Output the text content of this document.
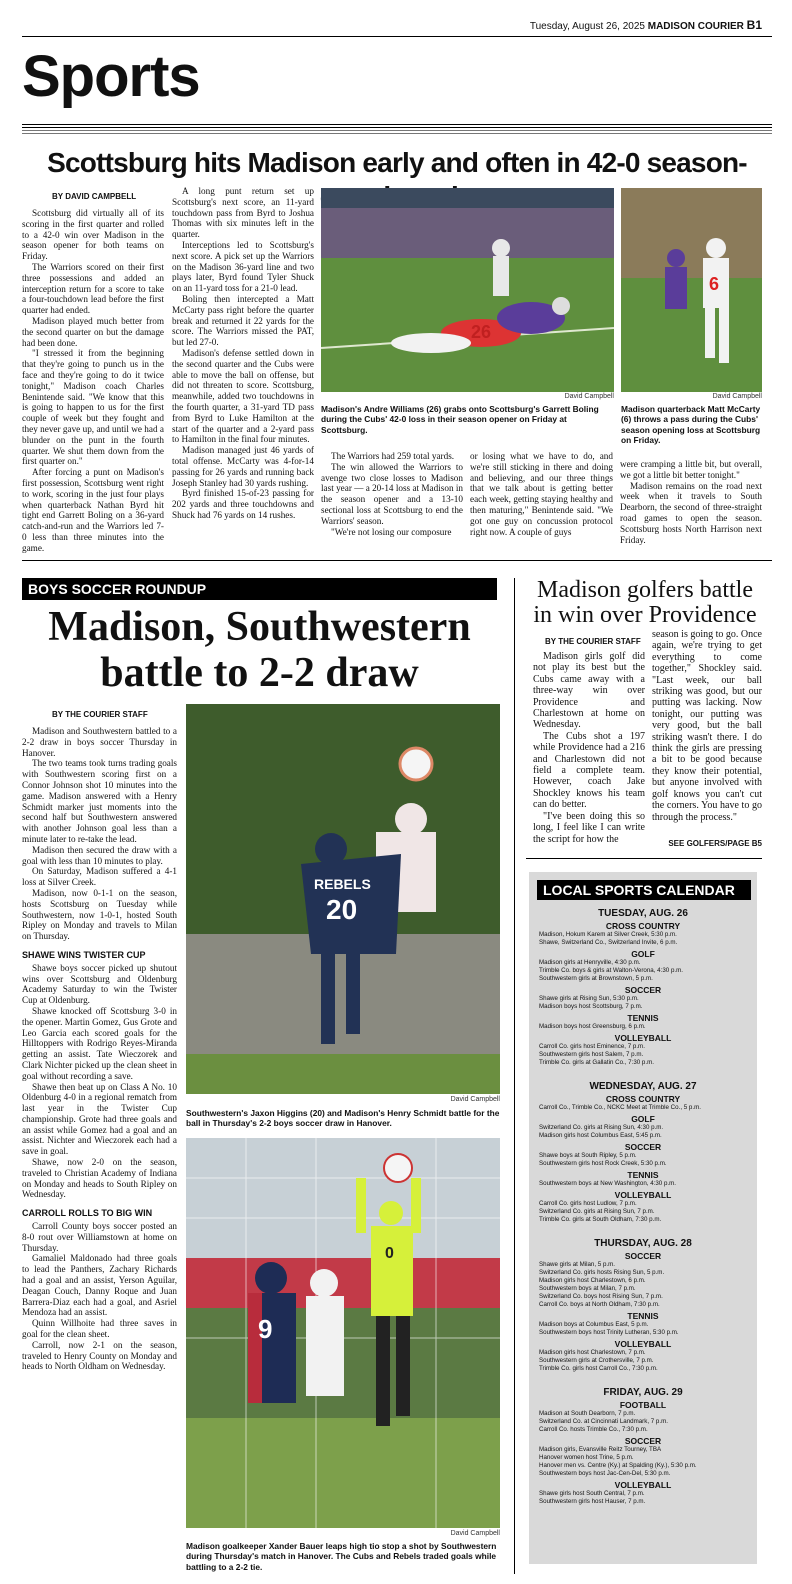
Tuesday, August 26, 2025 MADISON COURIER B1
Sports
Scottsburg hits Madison early and often in 42-0 season-
BY DAVID CAMPBELL

Scottsburg did virtually all of its scoring in the first quarter and rolled to a 42-0 win over Madison in the season opener for both teams on Friday.

The Warriors scored on their first three possessions and added an interception return for a score to take a four-touchdown lead before the first quarter had ended.

Madison played much better from the second quarter on but the damage had been done.

"I stressed it from the beginning that they're going to punch us in the face and they're going to do it twice tonight," Madison coach Charles Benintende said. "We know that this is going to happen to us for the first couple of week but they fought and they never gave up, and until we had a blunder on the punt in the fourth quarter. We shut them down from the first quarter on."

After forcing a punt on Madison's first possession, Scottsburg went right to work, scoring in the just four plays when quarterback Nathan Byrd hit tight end Garrett Boling on a 36-yard catch-and-run and the Warriors led 7-0 less than three minutes into the game.

A long punt return set up Scottsburg's next score, an 11-yard touchdown pass from Byrd to Joshua Thomas with six minutes left in the quarter.

Interceptions led to Scottsburg's next score. A pick set up the Warriors on the Madison 36-yard line and two plays later, Byrd found Tyler Shuck on an 11-yard toss for a 21-0 lead.

Boling then intercepted a Matt McCarty pass right before the quarter break and returned it 22 yards for the score. The Warriors missed the PAT, but led 27-0.

Madison's defense settled down in the second quarter and the Cubs were able to move the ball on offense, but did not threaten to score. Scottsburg, meanwhile, added two touchdowns in the fourth quarter, a 31-yard TD pass from Byrd to Luke Hamilton at the start of the quarter and a 2-yard pass to Hamilton in the final four minutes.

Madison managed just 46 yards of total offense. McCarty was 4-for-14 passing for 26 yards and running back Joseph Stanley had 30 yards rushing.

Byrd finished 15-of-23 passing for 202 yards and three touchdowns and Shuck had 76 yards on 14 rushes.

26
David Campbell
Madison's Andre Williams (26) grabs onto Scottsburg's Garrett Boling during the Cubs' 42-0 loss in their season opener on Friday at Scottsburg.
6
David Campbell
Madison quarterback Matt McCarty (6) throws a pass during the Cubs' season opening loss at Scottsburg on Friday.

The Warriors had 259 total yards.

The win allowed the Warriors to avenge two close losses to Madison last year — a 20-14 loss at Madison in the season opener and a 13-10 sectional loss at Scottsburg to end the Warriors' season.

"We're not losing our composure

or losing what we have to do, and we're still sticking in there and doing and believing, and our three things that we talk about is getting better each week, getting staying healthy and then maturing," Benintende said. "We got one guy on concussion protocol right now. A couple of guys

were cramping a little bit, but overall, we got a little bit better tonight."

Madison remains on the road next week when it travels to South Dearborn, the second of three-straight road games to open the season. Scottsburg hosts North Harrison next Friday.

BOYS SOCCER ROUNDUP
Madison, Southwestern battle to 2-2 draw
BY THE COURIER STAFF

Madison and Southwestern battled to a 2-2 draw in boys soccer Thursday in Hanover.

The two teams took turns trading goals with Southwestern scoring first on a Connor Johnson shot 10 minutes into the game. Madison answered with a Henry Schmidt marker just moments into the second half but Southwestern answered with another Johnson goal less than a minute later to re-take the lead.

Madison then secured the draw with a goal with less than 10 minutes to play.

On Saturday, Madison suffered a 4-1 loss at Silver Creek.

Madison, now 0-1-1 on the season, hosts Scottsburg on Tuesday while Southwestern, now 1-0-1, hosted South Ripley on Monday and travels to Milan on Thursday.

SHAWE WINS TWISTER CUP

Shawe boys soccer picked up shutout wins over Scottsburg and Oldenburg Academy Saturday to win the Twister Cup at Oldenburg.

Shawe knocked off Scottsburg 3-0 in the opener. Martin Gomez, Gus Grote and Leo Garcia each scored goals for the Hilltoppers with Rodrigo Reyes-Miranda getting an assist. Tate Wieczorek and Clark Nichter picked up the clean sheet in goal without recording a save.

Shawe then beat up on Class A No. 10 Oldenburg 4-0 in a regional rematch from last year in the Twister Cup championship. Grote had three goals and an assist while Gomez had a goal and an assist. Nichter and Wieczorek each had a save in goal.

Shawe, now 2-0 on the season, traveled to Christian Academy of Indiana on Monday and heads to South Ripley on Wednesday.

CARROLL ROLLS TO BIG WIN

Carroll County boys soccer posted an 8-0 rout over Williamstown at home on Thursday.

Gamaliel Maldonado had three goals to lead the Panthers, Zachary Richards had a goal and an assist, Yerson Aguilar, Deagan Couch, Danny Roque and Juan Barrera-Diaz each had a goal, and Asriel Mendoza had an assist.

Quinn Willhoite had three saves in goal for the clean sheet.

Carroll, now 2-1 on the season, traveled to Henry County on Monday and heads to North Oldham on Wednesday.

20
REBELS
David Campbell
Southwestern's Jaxon Higgins (20) and Madison's Henry Schmidt battle for the ball in Thursday's 2-2 boys soccer draw in Hanover.
0
9
David Campbell
Madison goalkeeper Xander Bauer leaps high tio stop a shot by Southwestern during Thursday's match in Hanover. The Cubs and Rebels traded goals while battling to a 2-2 tie.
Madison golfers battle in win over Providence
BY THE COURIER STAFF

Madison girls golf did not play its best but the Cubs came away with a three-way win over Providence and Charlestown at home on Wednesday.

The Cubs shot a 197 while Providence had a 216 and Charlestown did not field a complete team. However, coach Jake Shockley knows his team can do better.

"I've been doing this so long, I feel like I can write the script for how the

season is going to go. Once again, we're trying to get everything to come together," Shockley said. "Last week, our ball striking was good, but our putting was lacking. Now tonight, our putting was very good, but the ball striking wasn't there. I do think the girls are pressing a bit to be good because they know their potential, but anyone involved with golf knows you can't cut the corners. You have to go through the process."

SEE GOLFERS/PAGE B5
LOCAL SPORTS CALENDAR
TUESDAY, AUG. 26
CROSS COUNTRY
Madison, Hokum Karem at Silver Creek, 5:30 p.m.
Shawe, Switzerland Co., Switzerland Invite, 6 p.m.
GOLF
Madison girls at Henryville, 4:30 p.m.
Trimble Co. boys & girls at Walton-Verona, 4:30 p.m.
Southwestern girls at Brownstown, 5 p.m.
SOCCER
Shawe girls at Rising Sun, 5:30 p.m.
Madison boys host Scottsburg, 7 p.m.
TENNIS
Madison boys host Greensburg, 6 p.m.
VOLLEYBALL
Carroll Co. girls host Eminence, 7 p.m.
Southwestern girls host Salem, 7 p.m.
Trimble Co. girls at Gallatin Co., 7:30 p.m.
WEDNESDAY, AUG. 27
CROSS COUNTRY
Carroll Co., Trimble Co., NCKC Meet at Trimble Co., 5 p.m.
GOLF
Switzerland Co. girls at Rising Sun, 4:30 p.m.
Madison girls host Columbus East, 5:45 p.m.
SOCCER
Shawe boys at South Ripley, 5 p.m.
Southwestern girls host Rock Creek, 5:30 p.m.
TENNIS
Southwestern boys at New Washington, 4:30 p.m.
VOLLEYBALL
Carroll Co. girls host Ludlow, 7 p.m.
Switzerland Co. girls at Rising Sun, 7 p.m.
Trimble Co. girls at South Oldham, 7:30 p.m.
THURSDAY, AUG. 28
SOCCER
Shawe girls at Milan, 5 p.m.
Switzerland Co. girls hosts Rising Sun, 5 p.m.
Madison girls host Charlestown, 6 p.m.
Southwestern boys at Milan, 7 p.m.
Switzerland Co. boys host Rising Sun, 7 p.m.
Carroll Co. boys at North Oldham, 7:30 p.m.
TENNIS
Madison boys at Columbus East, 5 p.m.
Southwestern boys host Trinity Lutheran, 5:30 p.m.
VOLLEYBALL
Madison girls host Charlestown, 7 p.m.
Southwestern girls at Crothersville, 7 p.m.
Trimble Co. girls host Carroll Co., 7:30 p.m.
FRIDAY, AUG. 29
FOOTBALL
Madison at South Dearborn, 7 p.m.
Switzerland Co. at Cincinnati Landmark, 7 p.m.
Carroll Co. hosts Trimble Co., 7:30 p.m.
SOCCER
Madison girls, Evansville Reitz Tourney, TBA
Hanover women host Trine, 5 p.m.
Hanover men vs. Centre (Ky.) at Spalding (Ky.), 5:30 p.m.
Southwestern boys host Jac-Cen-Del, 5:30 p.m.
VOLLEYBALL
Shawe girls host South Central, 7 p.m.
Southwestern girls host Hauser, 7 p.m.
